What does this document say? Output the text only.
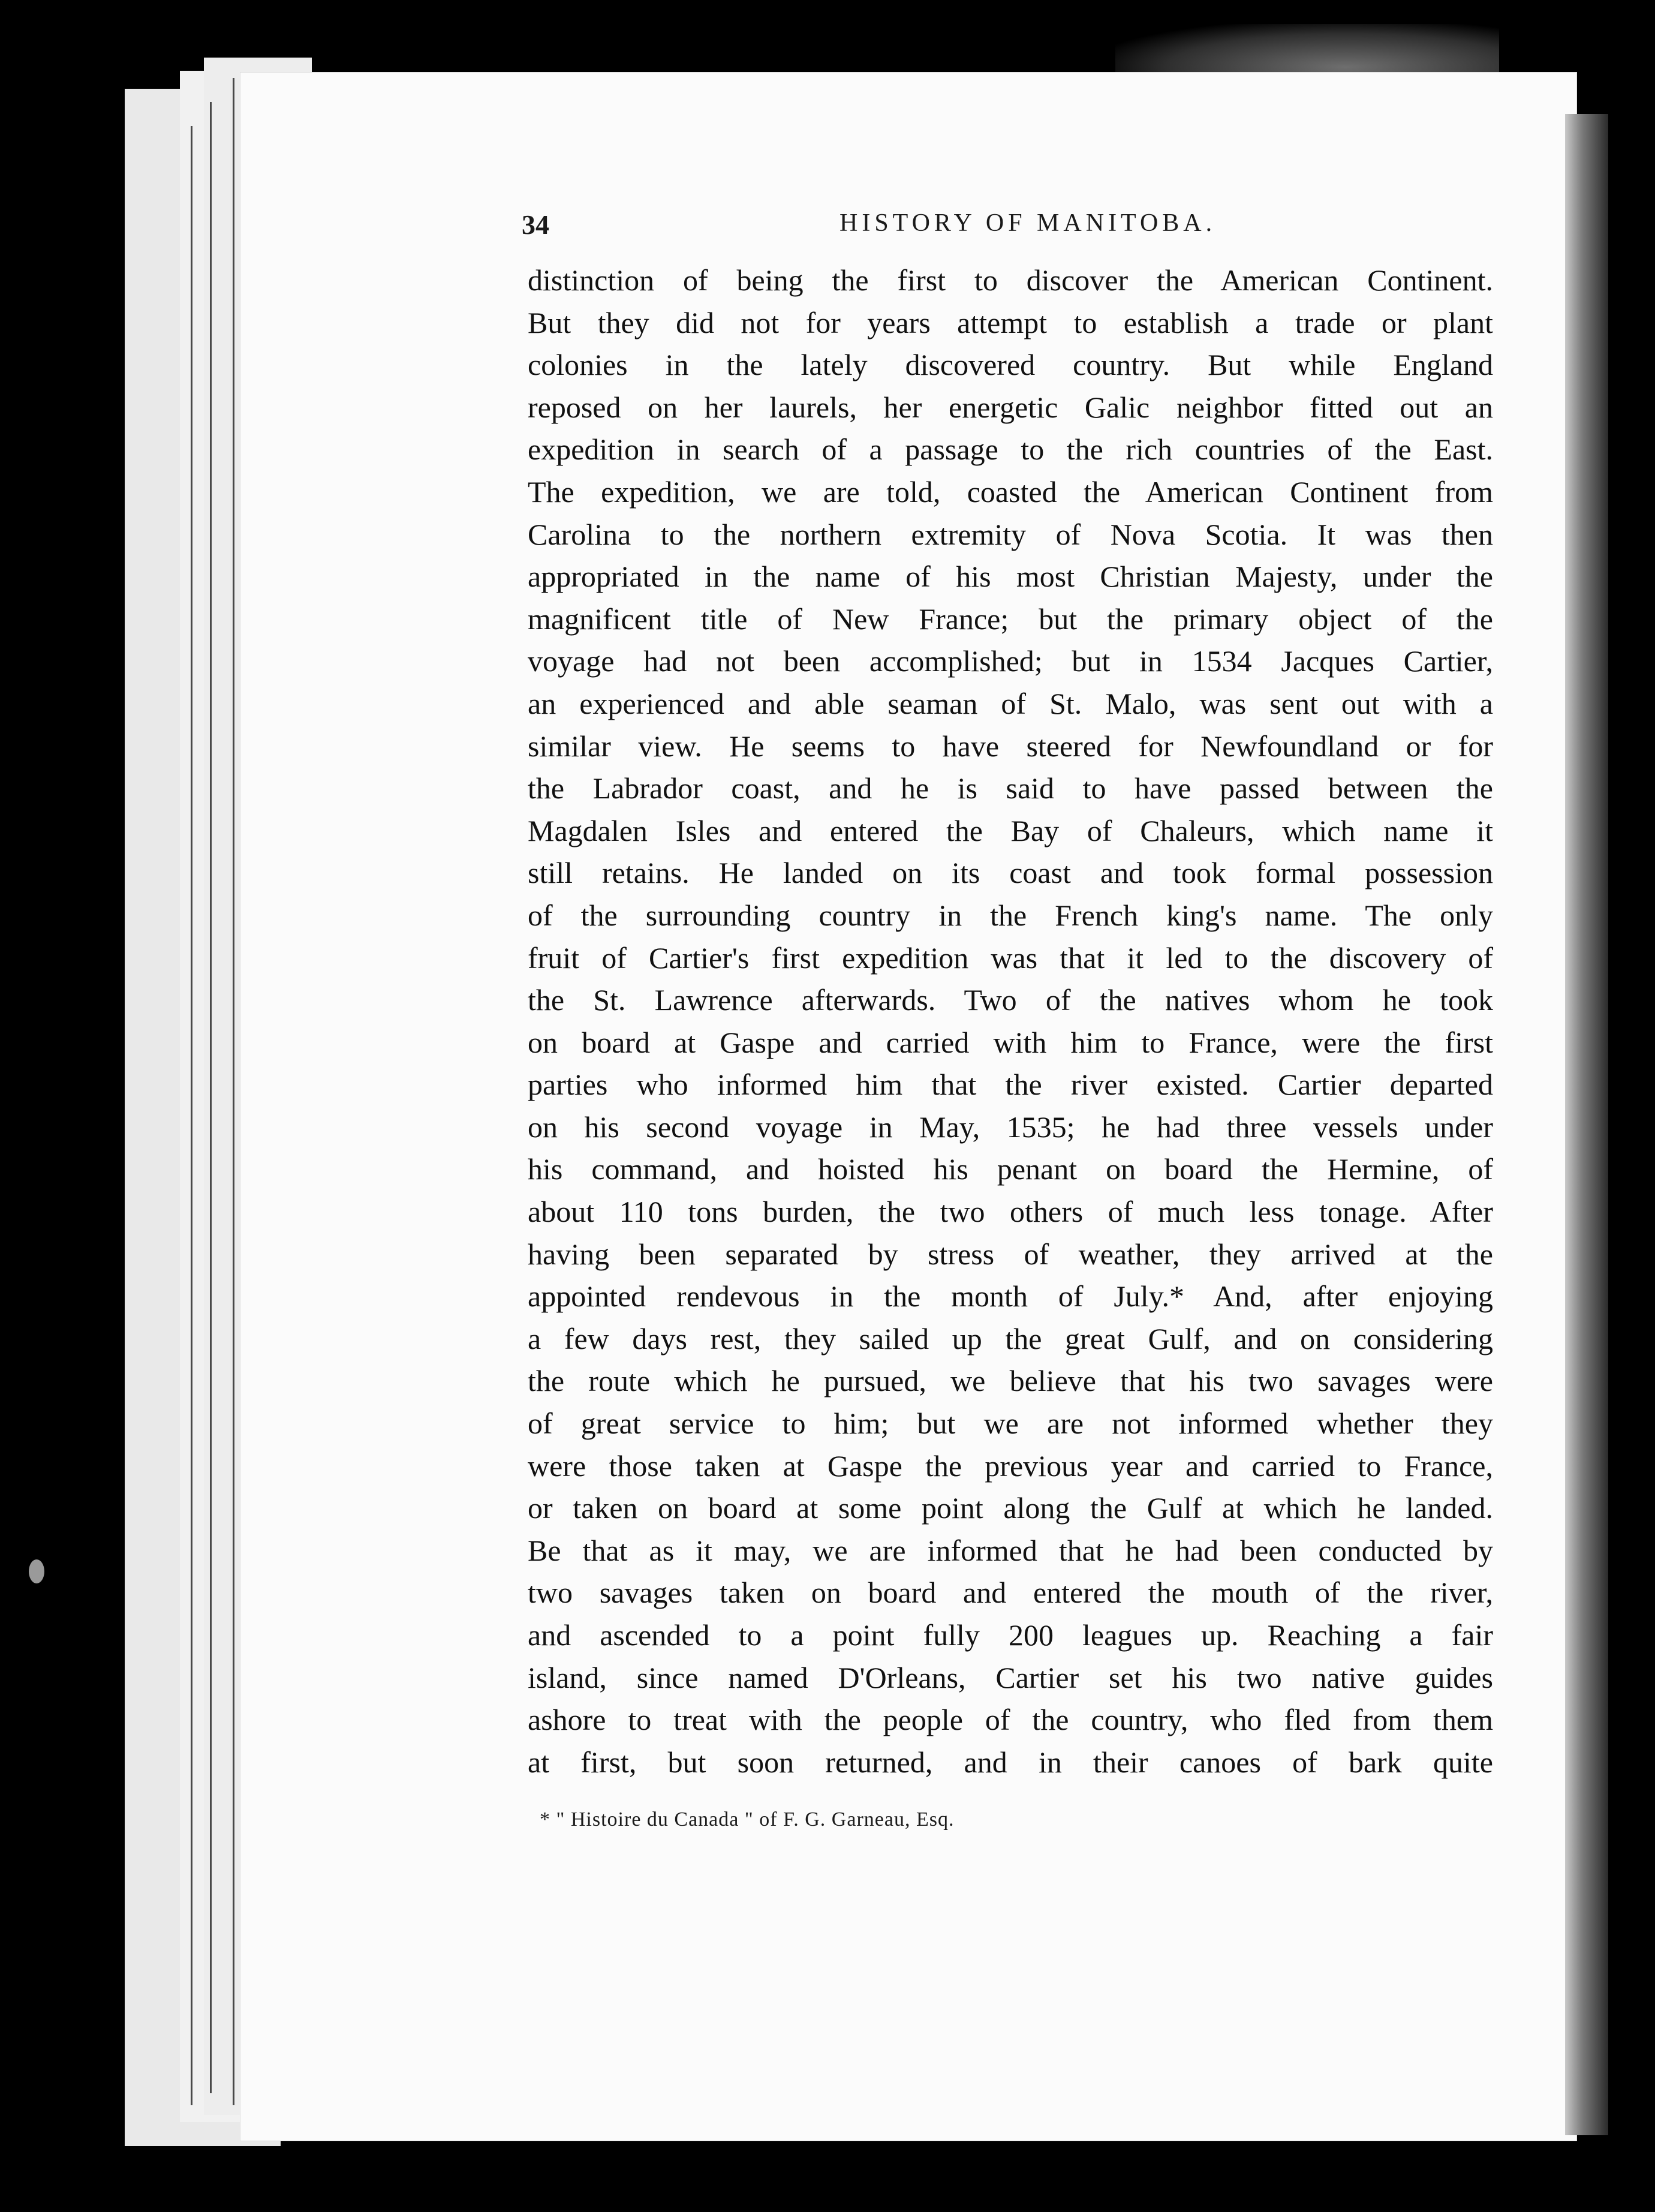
34	HISTORY OF MANITOBA.
distinction of being the first to discover the American Continent.
But they did not for years attempt to establish a trade or plant
colonies in the lately discovered country. But while England
reposed on her laurels, her energetic Galic neighbor fitted out an
expedition in search of a passage to the rich countries of the East.
The expedition, we are told, coasted the American Continent from
Carolina to the northern extremity of Nova Scotia. It was then
appropriated in the name of his most Christian Majesty, under the
magnificent title of New France; but the primary object of the
voyage had not been accomplished; but in 1534 Jacques Cartier,
an experienced and able seaman of St. Malo, was sent out with a
similar view. He seems to have steered for Newfoundland or for
the Labrador coast, and he is said to have passed between the
Magdalen Isles and entered the Bay of Chaleurs, which name it
still retains. He landed on its coast and took formal possession
of the surrounding country in the French king's name. The only
fruit of Cartier's first expedition was that it led to the discovery of
the St. Lawrence afterwards. Two of the natives whom he took
on board at Gaspe and carried with him to France, were the first
parties who informed him that the river existed. Cartier departed
on his second voyage in May, 1535; he had three vessels under
his command, and hoisted his penant on board the Hermine, of
about 110 tons burden, the two others of much less tonage. After
having been separated by stress of weather, they arrived at the
appointed rendevous in the month of July.* And, after enjoying
a few days rest, they sailed up the great Gulf, and on considering
the route which he pursued, we believe that his two savages were
of great service to him; but we are not informed whether they
were those taken at Gaspe the previous year and carried to France,
or taken on board at some point along the Gulf at which he landed.
Be that as it may, we are informed that he had been conducted by
two savages taken on board and entered the mouth of the river,
and ascended to a point fully 200 leagues up. Reaching a fair
island, since named D'Orleans, Cartier set his two native guides
ashore to treat with the people of the country, who fled from them
at first, but soon returned, and in their canoes of bark quite
* " Histoire du Canada " of F. G. Garneau, Esq.
